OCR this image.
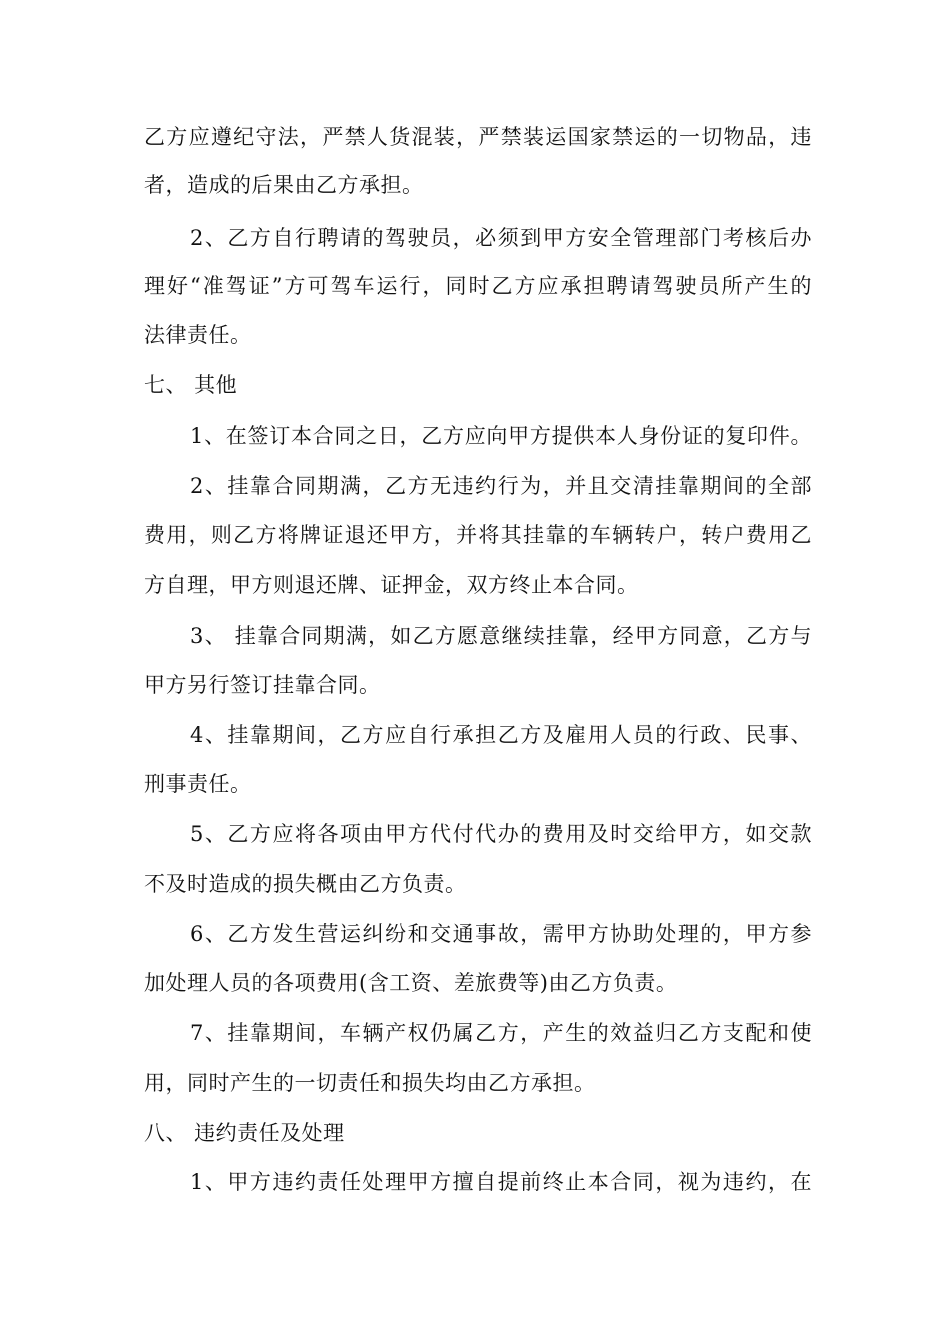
乙方应遵纪守法，严禁人货混装，严禁装运国家禁运的一切物品，违
者，造成的后果由乙方承担。
2、乙方自行聘请的驾驶员，必须到甲方安全管理部门考核后办
理好“准驾证”方可驾车运行，同时乙方应承担聘请驾驶员所产生的
法律责任。
七、 其他
1、在签订本合同之日，乙方应向甲方提供本人身份证的复印件。
2、挂靠合同期满，乙方无违约行为，并且交清挂靠期间的全部
费用，则乙方将牌证退还甲方，并将其挂靠的车辆转户，转户费用乙
方自理，甲方则退还牌、证押金，双方终止本合同。
3、 挂靠合同期满，如乙方愿意继续挂靠，经甲方同意，乙方与
甲方另行签订挂靠合同。
4、挂靠期间，乙方应自行承担乙方及雇用人员的行政、民事、
刑事责任。
5、乙方应将各项由甲方代付代办的费用及时交给甲方，如交款
不及时造成的损失概由乙方负责。
6、乙方发生营运纠纷和交通事故，需甲方协助处理的，甲方参
加处理人员的各项费用(含工资、差旅费等)由乙方负责。
7、挂靠期间，车辆产权仍属乙方，产生的效益归乙方支配和使
用，同时产生的一切责任和损失均由乙方承担。
八、 违约责任及处理
1、甲方违约责任处理甲方擅自提前终止本合同，视为违约，在
